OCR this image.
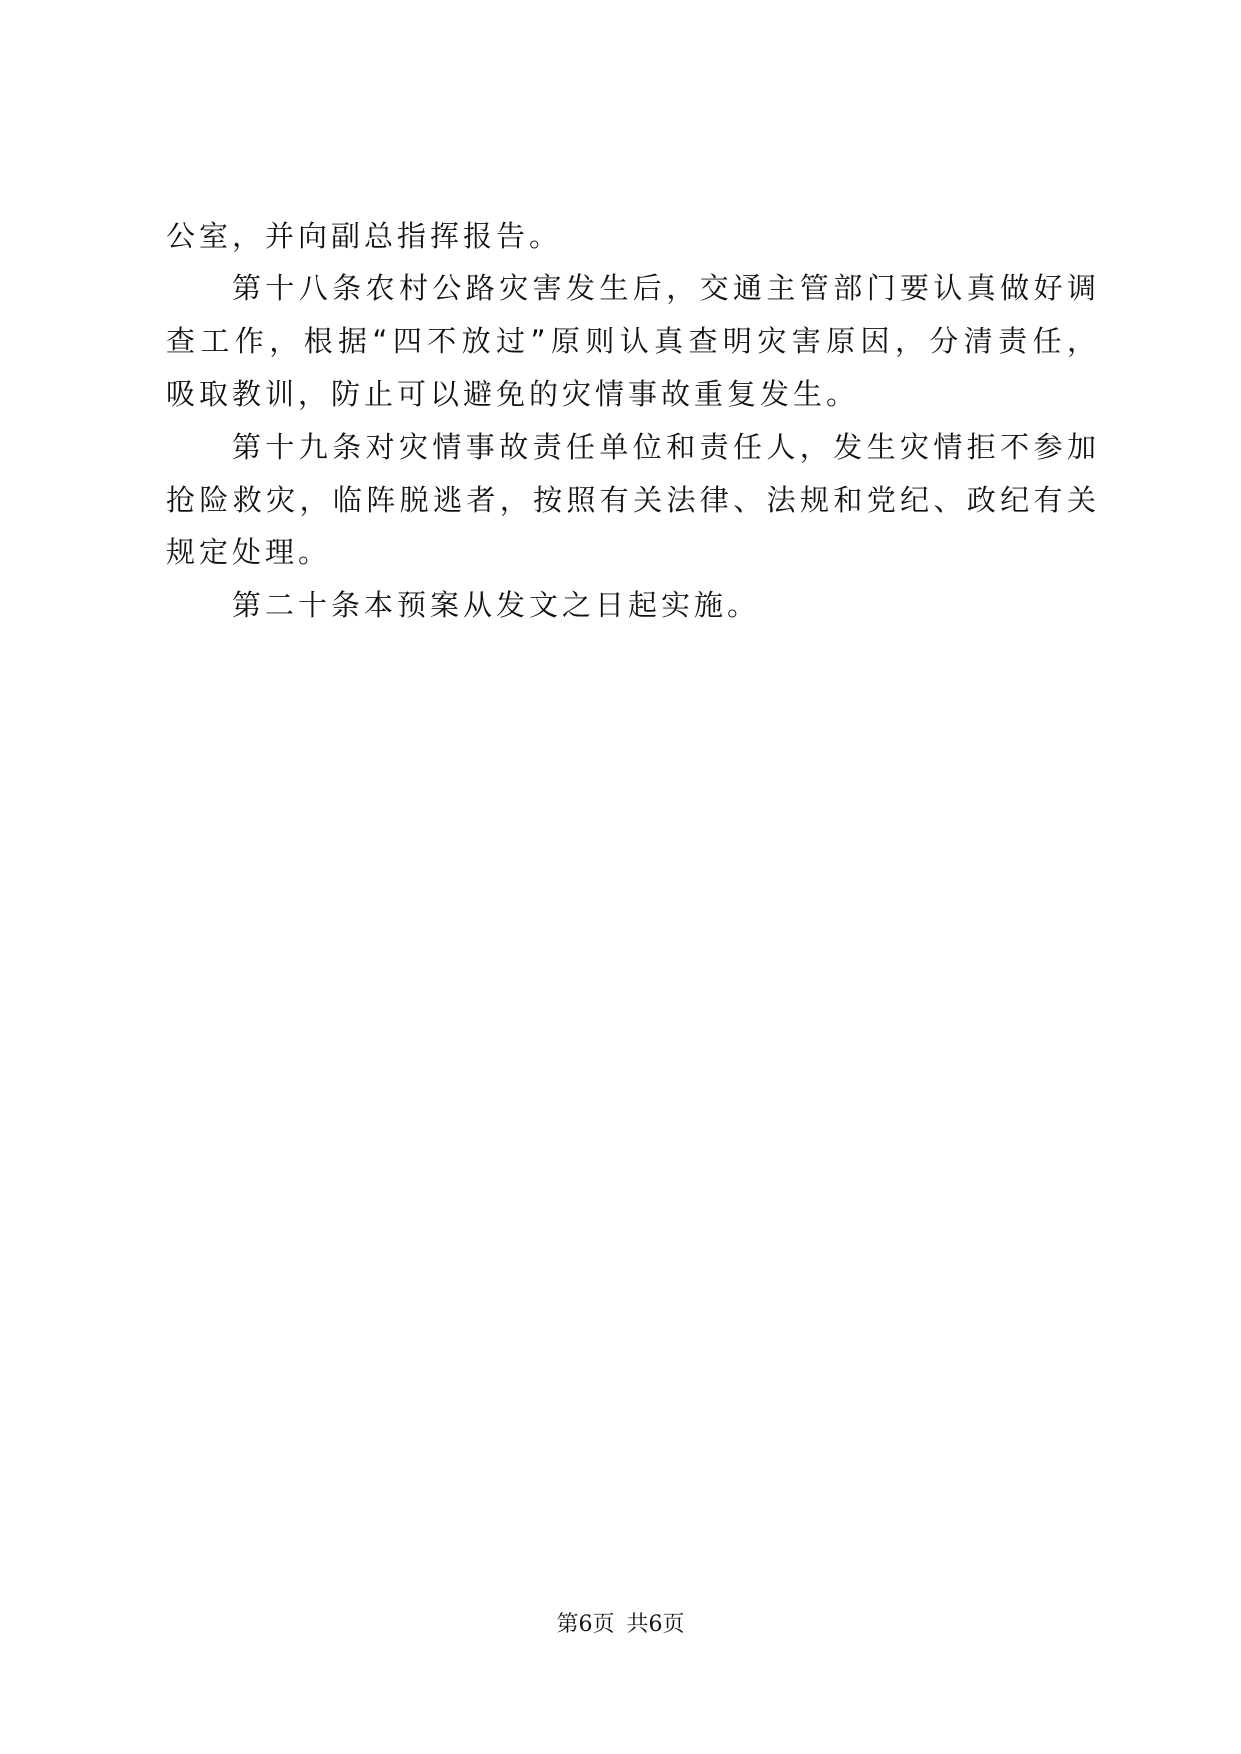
公室，并向副总指挥报告。
第十八条农村公路灾害发生后，交通主管部门要认真做好调
查工作，根据“四不放过”原则认真查明灾害原因，分清责任，
吸取教训，防止可以避免的灾情事故重复发生。
第十九条对灾情事故责任单位和责任人，发生灾情拒不参加
抢险救灾，临阵脱逃者，按照有关法律、法规和党纪、政纪有关
规定处理。
第二十条本预案从发文之日起实施。
第6页 共6页
